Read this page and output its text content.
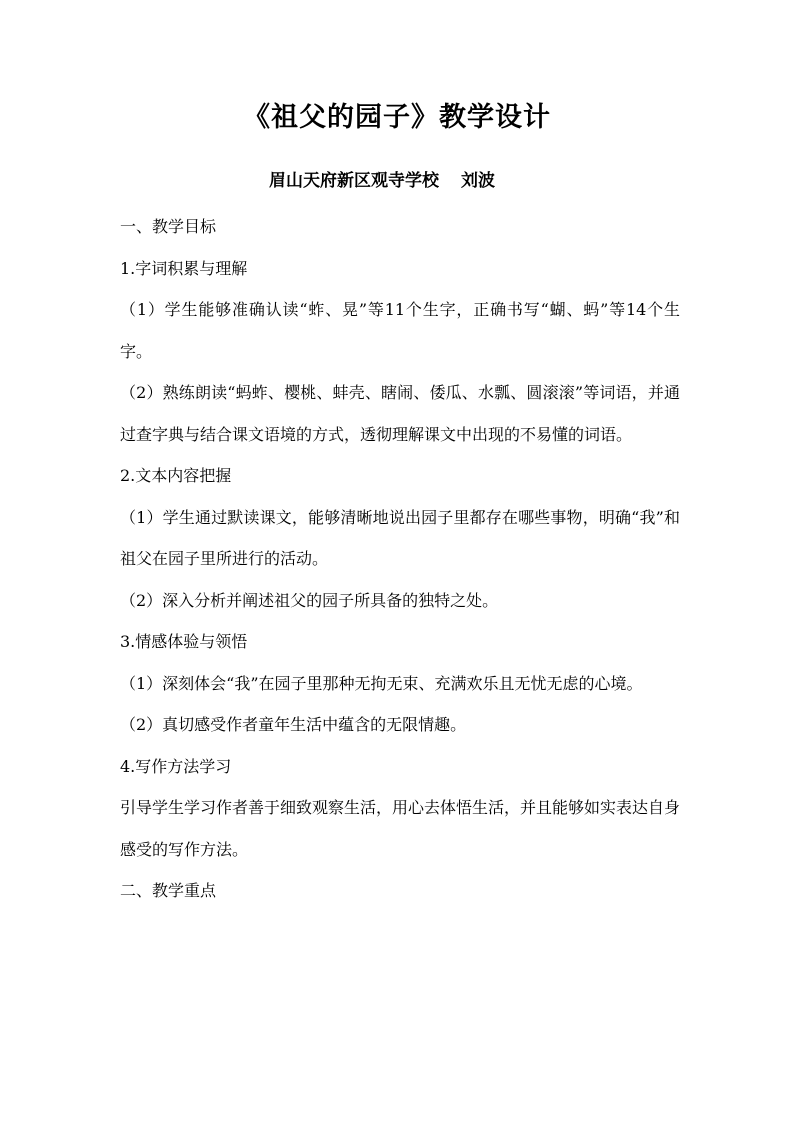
《祖父的园子》教学设计
眉山天府新区观寺学校 刘波

一、教学目标

1.字词积累与理解

（1）学生能够准确认读“蚱、晃”等11个生字，正确书写“蝴、蚂”等14个生字。

（2）熟练朗读“蚂蚱、樱桃、蚌壳、瞎闹、倭瓜、水瓢、圆滚滚”等词语，并通过查字典与结合课文语境的方式，透彻理解课文中出现的不易懂的词语。

2.文本内容把握

（1）学生通过默读课文，能够清晰地说出园子里都存在哪些事物，明确“我”和祖父在园子里所进行的活动。

（2）深入分析并阐述祖父的园子所具备的独特之处。

3.情感体验与领悟

（1）深刻体会“我”在园子里那种无拘无束、充满欢乐且无忧无虑的心境。

（2）真切感受作者童年生活中蕴含的无限情趣。

4.写作方法学习

引导学生学习作者善于细致观察生活，用心去体悟生活，并且能够如实表达自身感受的写作方法。

二、教学重点
